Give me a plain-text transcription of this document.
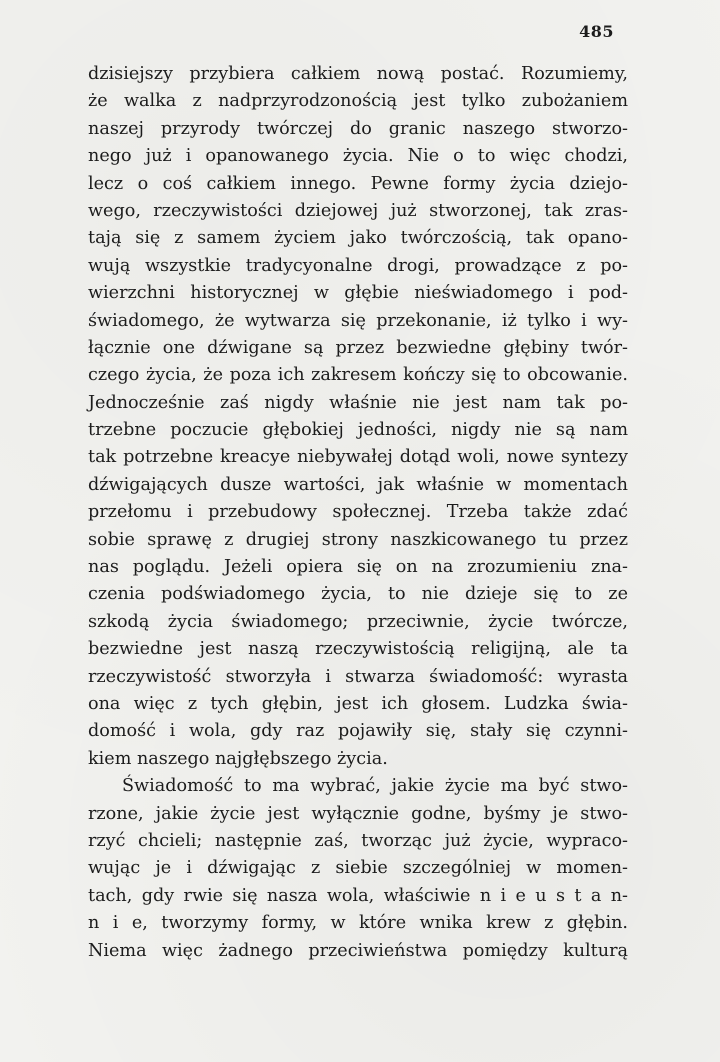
485
dzisiejszy przybiera całkiem nową postać. Rozumiemy,
że walka z nadprzyrodzonością jest tylko zubożaniem
naszej przyrody twórczej do granic naszego stworzo-
nego już i opanowanego życia. Nie o to więc chodzi,
lecz o coś całkiem innego. Pewne formy życia dziejo-
wego, rzeczywistości dziejowej już stworzonej, tak zras-
tają się z samem życiem jako twórczością, tak opano-
wują wszystkie tradycyonalne drogi, prowadzące z po-
wierzchni historycznej w głębie nieświadomego i pod-
świadomego, że wytwarza się przekonanie, iż tylko i wy-
łącznie one dźwigane są przez bezwiedne głębiny twór-
czego życia, że poza ich zakresem kończy się to obcowanie.
Jednocześnie zaś nigdy właśnie nie jest nam tak po-
trzebne poczucie głębokiej jedności, nigdy nie są nam
tak potrzebne kreacye niebywałej dotąd woli, nowe syntezy
dźwigających dusze wartości, jak właśnie w momentach
przełomu i przebudowy społecznej. Trzeba także zdać
sobie sprawę z drugiej strony naszkicowanego tu przez
nas poglądu. Jeżeli opiera się on na zrozumieniu zna-
czenia podświadomego życia, to nie dzieje się to ze
szkodą życia świadomego; przeciwnie, życie twórcze,
bezwiedne jest naszą rzeczywistością religijną, ale ta
rzeczywistość stworzyła i stwarza świadomość: wyrasta
ona więc z tych głębin, jest ich głosem. Ludzka świa-
domość i wola, gdy raz pojawiły się, stały się czynni-
kiem naszego najgłębszego życia.
Świadomość to ma wybrać, jakie życie ma być stwo-
rzone, jakie życie jest wyłącznie godne, byśmy je stwo-
rzyć chcieli; następnie zaś, tworząc już życie, wypraco-
wując je i dźwigając z siebie szczególniej w momen-
tach, gdy rwie się nasza wola, właściwie n i e u s t a n-
n i e, tworzymy formy, w które wnika krew z głębin.
Niema więc żadnego przeciwieństwa pomiędzy kulturą
